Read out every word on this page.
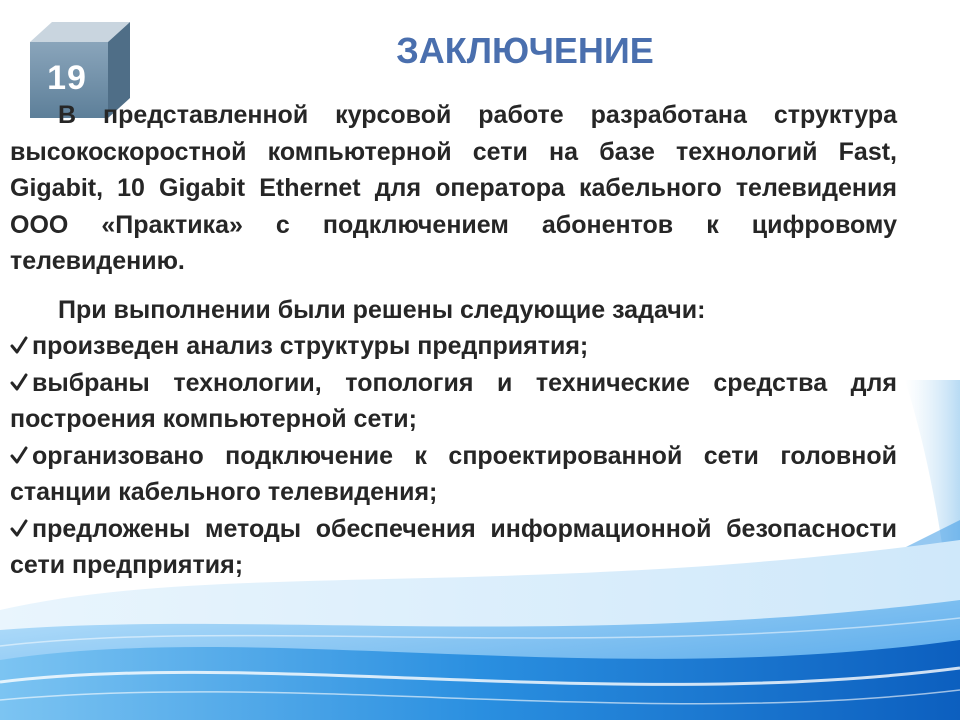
19
ЗАКЛЮЧЕНИЕ

В представленной курсовой работе разработана структура высокоскоростной компьютерной сети на базе технологий Fast, Gigabit, 10 Gigabit Ethernet для оператора кабельного телевидения ООО «Практика» с подключением абонентов к цифровому телевидению.

При выполнении были решены следующие задачи:

произведен анализ структуры предприятия;

выбраны технологии, топология и технические средства для построения компьютерной сети;

организовано подключение к спроектированной сети головной станции кабельного телевидения;

предложены методы обеспечения информационной безопасности сети предприятия;
